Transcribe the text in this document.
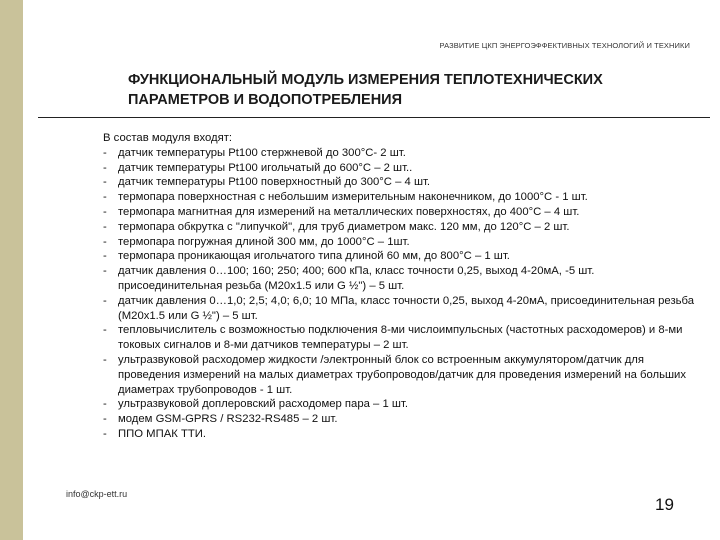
РАЗВИТИЕ ЦКП ЭНЕРГОЭФФЕКТИВНЫХ ТЕХНОЛОГИЙ И ТЕХНИКИ
ФУНКЦИОНАЛЬНЫЙ МОДУЛЬ ИЗМЕРЕНИЯ ТЕПЛОТЕХНИЧЕСКИХ
ПАРАМЕТРОВ И ВОДОПОТРЕБЛЕНИЯ

В состав модуля входят:

- датчик температуры Pt100 стержневой до 300°С- 2 шт.
- датчик температуры Pt100 игольчатый до 600°С – 2 шт..
- датчик температуры Pt100 поверхностный до 300°С – 4 шт.
- термопара поверхностная с небольшим измерительным наконечником, до 1000°С - 1 шт.
- термопара магнитная для измерений на металлических поверхностях, до 400°С – 4 шт.
- термопара обкрутка с "липучкой", для труб диаметром макс. 120 мм, до 120°С – 2 шт.
- термопара погружная длиной 300 мм, до 1000°С – 1шт.
- термопара проникающая игольчатого типа длиной 60 мм, до 800°С – 1 шт.
- датчик давления 0…100; 160; 250; 400; 600 кПа, класс точности 0,25, выход 4-20мА, -5 шт. присоединительная резьба (М20х1.5 или G ½") – 5 шт.
- датчик давления 0…1,0; 2,5; 4,0; 6,0; 10 МПа, класс точности 0,25, выход 4-20мА, присоединительная резьба (М20х1.5 или G ½") – 5 шт.
- тепловычислитель с возможностью подключения 8-ми числоимпульсных (частотных расходомеров) и 8-ми токовых сигналов и 8-ми датчиков температуры – 2 шт.
- ультразвуковой расходомер жидкости /электронный блок со встроенным аккумулятором/датчик для проведения измерений на малых диаметрах трубопроводов/датчик для проведения измерений на больших диаметрах трубопроводов - 1 шт.
- ультразвуковой доплеровский расходомер пара – 1 шт.
- модем GSM-GPRS / RS232-RS485 – 2 шт.
- ППО МПАК ТТИ.
info@ckp-ett.ru
19
